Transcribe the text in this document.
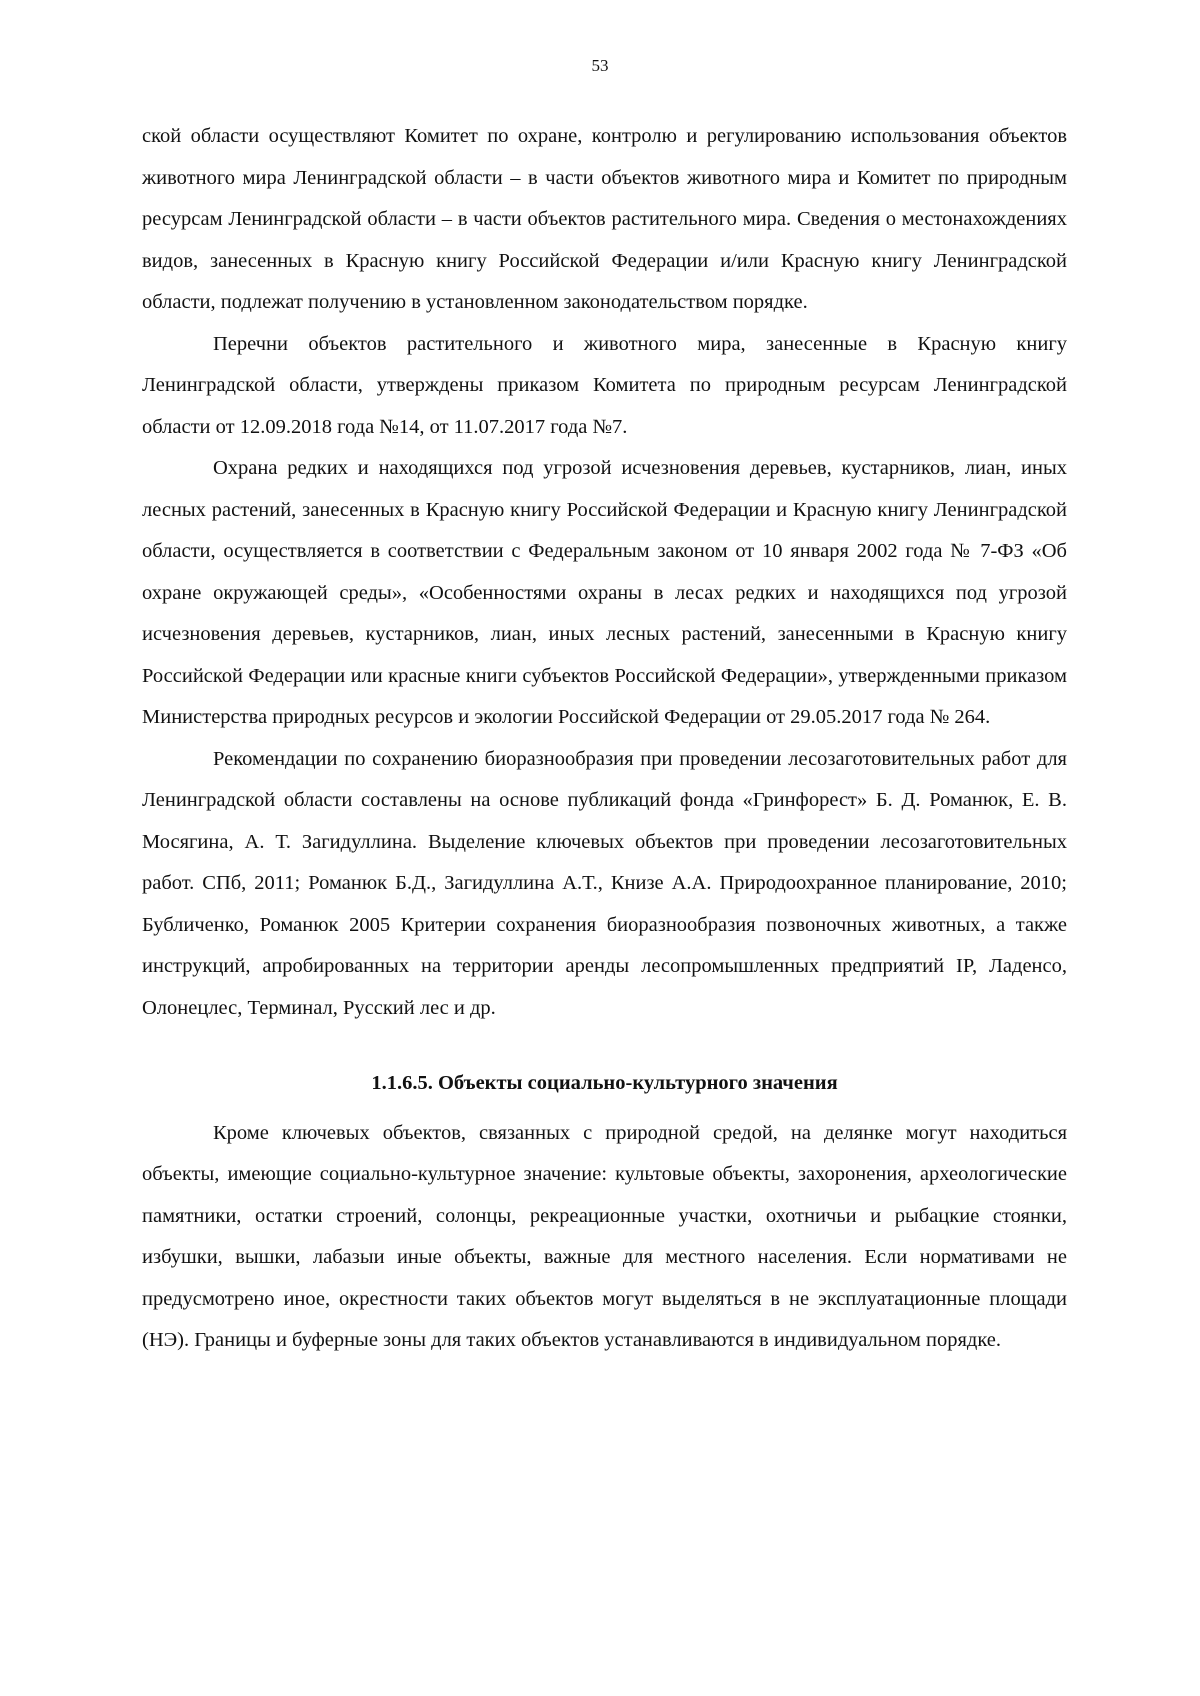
53

ской области осуществляют Комитет по охране, контролю и регулированию использования объектов животного мира Ленинградской области – в части объектов животного мира и Комитет по природным ресурсам Ленинградской области – в части объектов растительного мира. Сведения о местонахождениях видов, занесенных в Красную книгу Российской Федерации и/или Красную книгу Ленинградской области, подлежат получению в установленном законодательством порядке.

Перечни объектов растительного и животного мира, занесенные в Красную книгу Ленинградской области, утверждены приказом Комитета по природным ресурсам Ленинградской области от 12.09.2018 года №14, от 11.07.2017 года №7.

Охрана редких и находящихся под угрозой исчезновения деревьев, кустарников, лиан, иных лесных растений, занесенных в Красную книгу Российской Федерации и Красную книгу Ленинградской области, осуществляется в соответствии с Федеральным законом от 10 января 2002 года № 7-ФЗ «Об охране окружающей среды», «Особенностями охраны в лесах редких и находящихся под угрозой исчезновения деревьев, кустарников, лиан, иных лесных растений, занесенными в Красную книгу Российской Федерации или красные книги субъектов Российской Федерации», утвержденными приказом Министерства природных ресурсов и экологии Российской Федерации от 29.05.2017 года № 264.

Рекомендации по сохранению биоразнообразия при проведении лесозаготовительных работ для Ленинградской области составлены на основе публикаций фонда «Гринфорест» Б. Д. Романюк, Е. В. Мосягина, А. Т. Загидуллина. Выделение ключевых объектов при проведении лесозаготовительных работ. СПб, 2011; Романюк Б.Д., Загидуллина А.Т., Книзе А.А. Природоохранное планирование, 2010; Бубличенко, Романюк 2005 Критерии сохранения биоразнообразия позвоночных животных, а также инструкций, апробированных на территории аренды лесопромышленных предприятий IP, Ладенсо, Олонецлес, Терминал, Русский лес и др.

1.1.6.5. Объекты социально-культурного значения

Кроме ключевых объектов, связанных с природной средой, на делянке могут находиться объекты, имеющие социально-культурное значение: культовые объекты, захоронения, археологические памятники, остатки строений, солонцы, рекреационные участки, охотничьи и рыбацкие стоянки, избушки, вышки, лабазыи иные объекты, важные для местного населения. Если нормативами не предусмотрено иное, окрестности таких объектов могут выделяться в не эксплуатационные площади (НЭ). Границы и буферные зоны для таких объектов устанавливаются в индивидуальном порядке.
